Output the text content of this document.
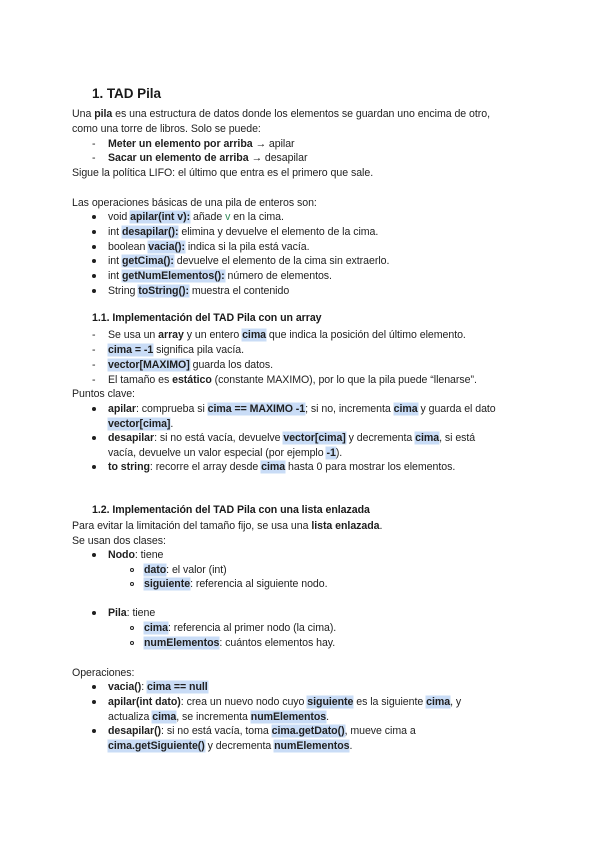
1. TAD Pila
Una pila es una estructura de datos donde los elementos se guardan uno encima de otro,
como una torre de libros. Solo se puede:
- Meter un elemento por arriba → apilar
- Sacar un elemento de arriba → desapilar
Sigue la política LIFO: el último que entra es el primero que sale.
Las operaciones básicas de una pila de enteros son:
void apilar(int v): añade v en la cima.
int desapilar(): elimina y devuelve el elemento de la cima.
boolean vacia(): indica si la pila está vacía.
int getCima(): devuelve el elemento de la cima sin extraerlo.
int getNumElementos(): número de elementos.
String toString(): muestra el contenido
1.1. Implementación del TAD Pila con un array
- Se usa un array y un entero cima que indica la posición del último elemento.
- cima = -1 significa pila vacía.
- vector[MAXIMO] guarda los datos.
- El tamaño es estático (constante MAXIMO), por lo que la pila puede “llenarse”.
Puntos clave:
apilar: comprueba si cima == MAXIMO -1; si no, incrementa cima y guarda el dato
vector[cima].
desapilar: si no está vacía, devuelve vector[cima] y decrementa cima, si está
vacía, devuelve un valor especial (por ejemplo -1).
to string: recorre el array desde cima hasta 0 para mostrar los elementos.
1.2. Implementación del TAD Pila con una lista enlazada
Para evitar la limitación del tamaño fijo, se usa una lista enlazada.
Se usan dos clases:
Nodo: tiene
dato: el valor (int)
siguiente: referencia al siguiente nodo.
Pila: tiene
cima: referencia al primer nodo (la cima).
numElementos: cuántos elementos hay.
Operaciones:
vacia(): cima == null
apilar(int dato): crea un nuevo nodo cuyo siguiente es la siguiente cima, y
actualiza cima, se incrementa numElementos.
desapilar(): si no está vacía, toma cima.getDato(), mueve cima a
cima.getSiguiente() y decrementa numElementos.
